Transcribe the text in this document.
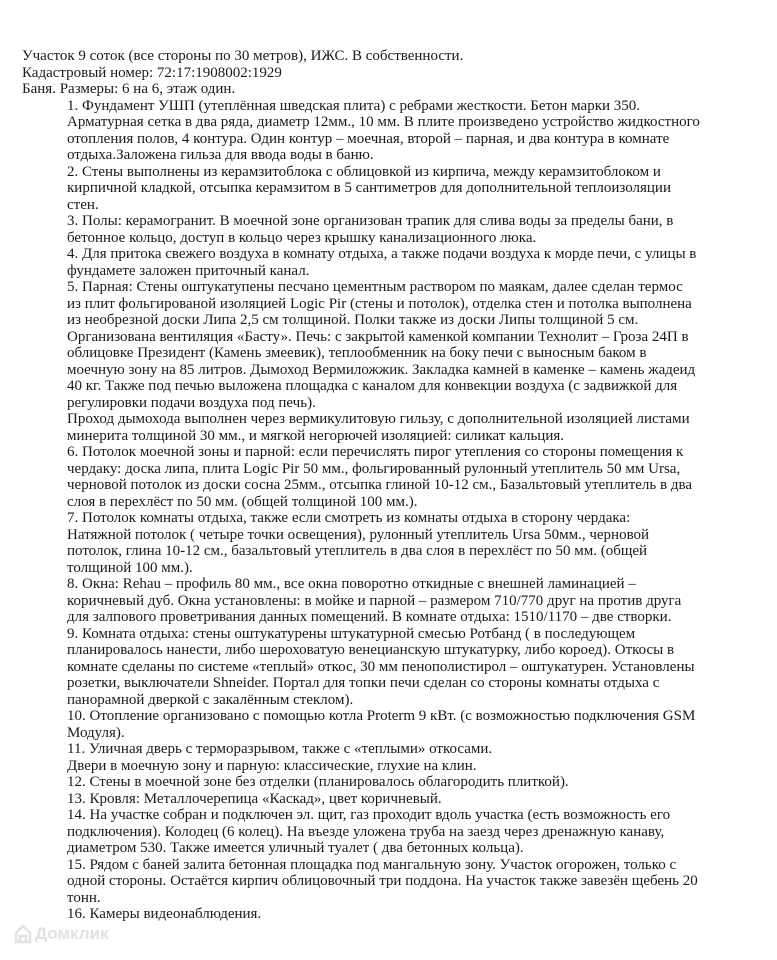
Участок 9 соток (все стороны по 30 метров), ИЖС. В собственности.
Кадастровый номер: 72:17:1908002:1929
Баня. Размеры: 6 на 6, этаж один.
1. Фундамент УШП (утеплённая шведская плита) с ребрами жесткости. Бетон марки 350.
Арматурная сетка в два ряда, диаметр 12мм., 10 мм. В плите произведено устройство жидкостного
отопления полов, 4 контура. Один контур – моечная, второй – парная, и два контура в комнате
отдыха.Заложена гильза для ввода воды в баню.
2. Стены выполнены из керамзитоблока с облицовкой из кирпича, между керамзитоблоком и
кирпичной кладкой, отсыпка керамзитом в 5 сантиметров для дополнительной теплоизоляции
стен.
3. Полы: керамогранит. В моечной зоне организован трапик для слива воды за пределы бани, в
бетонное кольцо, доступ в кольцо через крышку канализационного люка.
4. Для притока свежего воздуха в комнату отдыха, а также подачи воздуха к морде печи, с улицы в
фундамете заложен приточный канал.
5. Парная: Стены оштукатупены песчано цементным раствором по маякам, далее сделан термос
из плит фольгированой изоляцией Logic Pir (стены и потолок), отделка стен и потолка выполнена
из необрезной доски Липа 2,5 см толщиной. Полки также из доски Липы толщиной 5 см.
Организована вентиляция «Басту». Печь: с закрытой каменкой компании Технолит – Гроза 24П в
облицовке Президент (Камень змеевик), теплообменник на боку печи с выносным баком в
моечную зону на 85 литров. Дымоход Вермиложжик. Закладка камней в каменке – камень жадеид
40 кг. Также под печью выложена площадка с каналом для конвекции воздуха (с задвижкой для
регулировки подачи воздуха под печь).
Проход дымохода выполнен через вермикулитовую гильзу, с дополнительной изоляцией листами
минерита толщиной 30 мм., и мягкой негорючей изоляцией: силикат кальция.
6. Потолок моечной зоны и парной: если перечислять пирог утепления со стороны помещения к
чердаку: доска липа, плита Logic Pir 50 мм., фольгированный рулонный утеплитель 50 мм Ursa,
черновой потолок из доски сосна 25мм., отсыпка глиной 10-12 см., Базальтовый утеплитель в два
слоя в перехлёст по 50 мм. (общей толщиной 100 мм.).
7. Потолок комнаты отдыха, также если смотреть из комнаты отдыха в сторону чердака:
Натяжной потолок ( четыре точки освещения), рулонный утеплитель Ursa 50мм., черновой
потолок, глина 10-12 см., базальтовый утеплитель в два слоя в перехлёст по 50 мм. (общей
толщиной 100 мм.).
8. Окна: Rehau – профиль 80 мм., все окна поворотно откидные с внешней ламинацией –
коричневый дуб. Окна установлены: в мойке и парной – размером 710/770 друг на против друга
для залпового проветривания данных помещений. В комнате отдыха: 1510/1170 – две створки.
9. Комната отдыха: стены оштукатурены штукатурной смесью Ротбанд ( в последующем
планировалось нанести, либо шероховатую венецианскую штукатурку, либо короед). Откосы в
комнате сделаны по системе «теплый» откос, 30 мм пенополистирол – оштукатурен. Установлены
розетки, выключатели Shneider. Портал для топки печи сделан со стороны комнаты отдыха с
панорамной дверкой с закалённым стеклом).
10. Отопление организовано с помощью котла Proterm 9 кВт. (с возможностью подключения GSM
Модуля).
11. Уличная дверь с терморазрывом, также с «теплыми» откосами.
Двери в моечную зону и парную: классические, глухие на клин.
12. Стены в моечной зоне без отделки (планировалось облагородить плиткой).
13. Кровля: Металлочерепица «Каскад», цвет коричневый.
14. На участке собран и подключен эл. щит, газ проходит вдоль участка (есть возможность его
подключения). Колодец (6 колец). На въезде уложена труба на заезд через дренажную канаву,
диаметром 530. Также имеется уличный туалет ( два бетонных кольца).
15. Рядом с баней залита бетонная площадка под мангальную зону. Участок огорожен, только с
одной стороны. Остаётся кирпич облицовочный три поддона. На участок также завезён щебень 20
тонн.
16. Камеры видеонаблюдения.
Домклик
